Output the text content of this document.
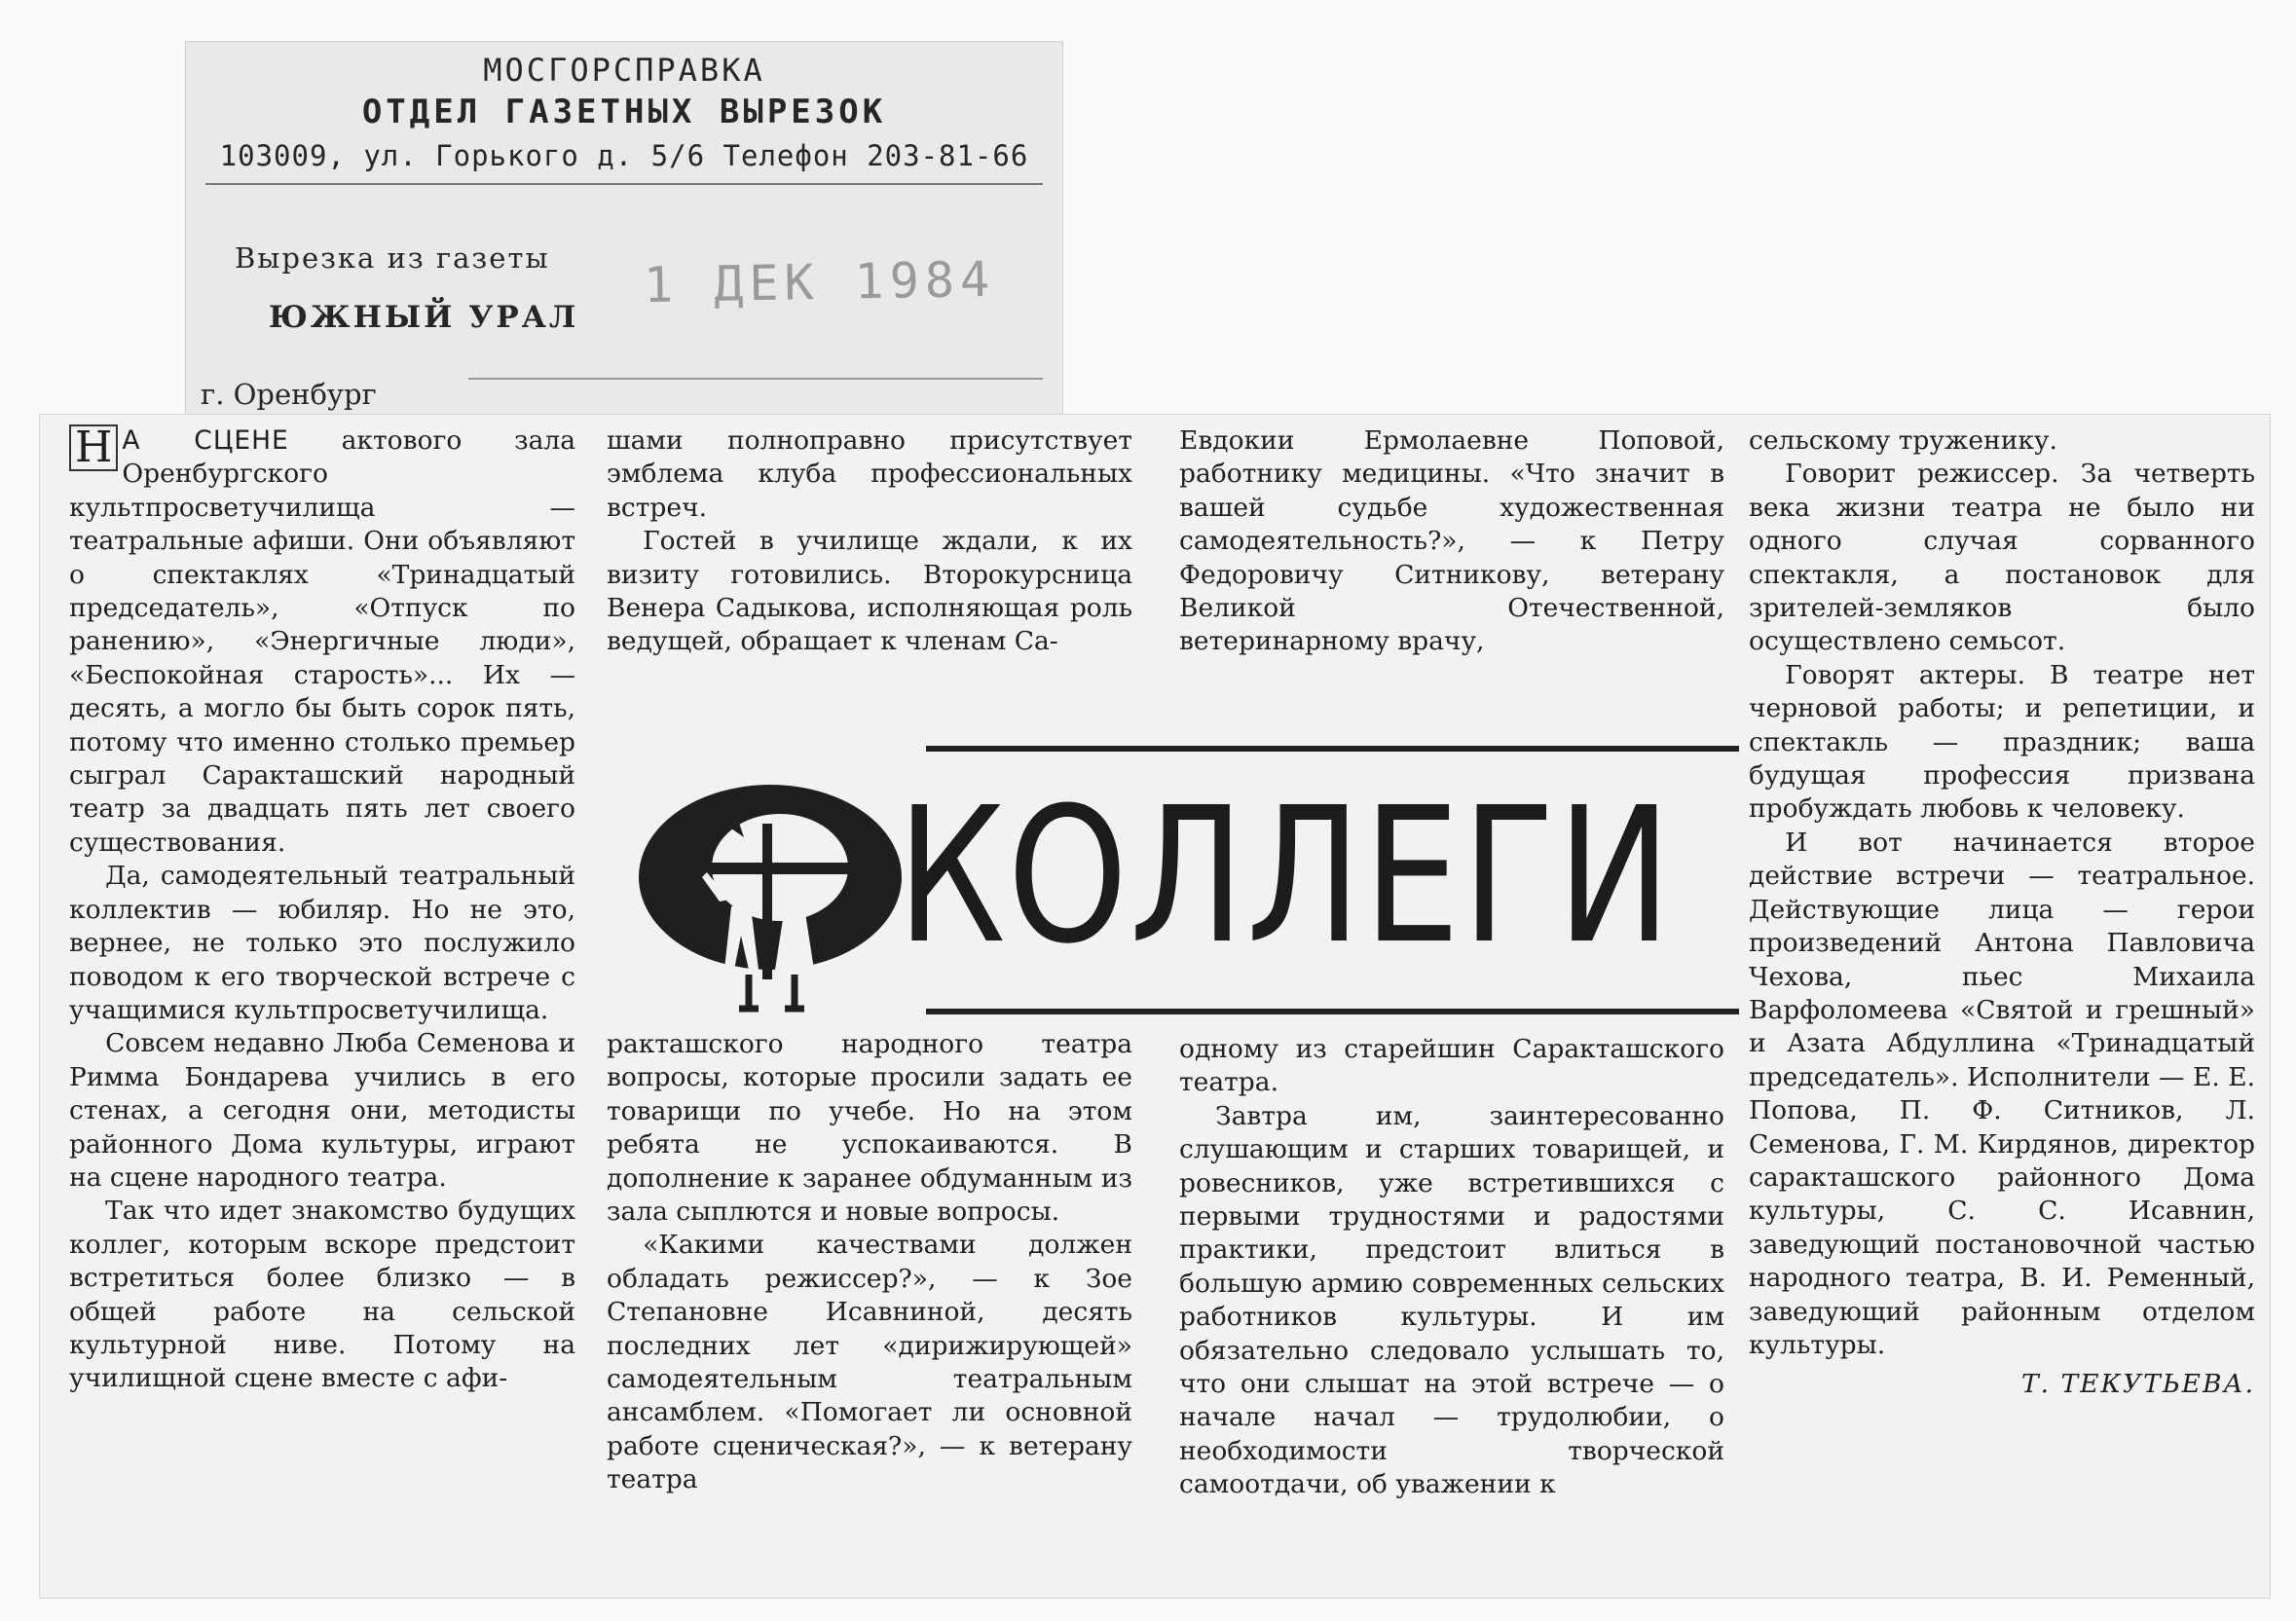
МОСГОРСПРАВКА
ОТДЕЛ ГАЗЕТНЫХ ВЫРЕЗОК
103009, ул. Горького д. 5/6 Телефон 203-81-66
Вырезка из газеты
ЮЖНЫЙ УРАЛ
1 ДЕК 1984
г. Оренбург

Н А СЦЕНЕ актового зала Оренбургского культпросветучилища — театральные афиши. Они объявляют о спектаклях «Тринадцатый председатель», «Отпуск по ранению», «Энергичные люди», «Беспокойная старость»... Их — десять, а могло бы быть сорок пять, потому что именно столько премьер сыграл Саракташский народный театр за двадцать пять лет своего существования.

Да, самодеятельный театральный коллектив — юбиляр. Но не это, вернее, не только это послужило поводом к его творческой встрече с учащимися культпросветучилища.

Совсем недавно Люба Семенова и Римма Бондарева учились в его стенах, а сегодня они, методисты районного Дома культуры, играют на сцене народного театра.

Так что идет знакомство будущих коллег, которым вскоре предстоит встретиться более близко — в общей работе на сельской культурной ниве. Потому на училищной сцене вместе с афи-

шами полноправно присутствует эмблема клуба профессиональных встреч.

Гостей в училище ждали, к их визиту готовились. Второкурсница Венера Садыкова, исполняющая роль ведущей, обращает к членам Са-

Евдокии Ермолаевне Поповой, работнику медицины. «Что значит в вашей судьбе художественная самодеятельность?», — к Петру Федоровичу Ситникову, ветерану Великой Отечественной, ветеринарному врачу,

сельскому труженику.

Говорит режиссер. За четверть века жизни театра не было ни одного случая сорванного спектакля, а постановок для зрителей-земляков было осуществлено семьсот.

Говорят актеры. В театре нет черновой работы; и репетиции, и спектакль — праздник; ваша будущая профессия призвана пробуждать любовь к человеку.

И вот начинается второе действие встречи — театральное. Действующие лица — герои произведений Антона Павловича Чехова, пьес Михаила Варфоломеева «Святой и грешный» и Азата Абдуллина «Тринадцатый председатель». Исполнители — Е. Е. Попова, П. Ф. Ситников, Л. Семенова, Г. М. Кирдянов, директор саракташского районного Дома культуры, С. С. Исавнин, заведующий постановочной частью народного театра, В. И. Ременный, заведующий районным отделом культуры.

Т. ТЕКУТЬЕВА.
КОЛЛЕГИ

ракташского народного театра вопросы, которые просили задать ее товарищи по учебе. Но на этом ребята не успокаиваются. В дополнение к заранее обдуманным из зала сыплются и новые вопросы.

«Какими качествами должен обладать режиссер?», — к Зое Степановне Исавниной, десять последних лет «дирижирующей» самодеятельным театральным ансамблем. «Помогает ли основной работе сценическая?», — к ветерану театра

одному из старейшин Саракташского театра.

Завтра им, заинтересованно слушающим и старших товарищей, и ровесников, уже встретившихся с первыми трудностями и радостями практики, предстоит влиться в большую армию современных сельских работников культуры. И им обязательно следовало услышать то, что они слышат на этой встрече — о начале начал — трудолюбии, о необходимости творческой самоотдачи, об уважении к
